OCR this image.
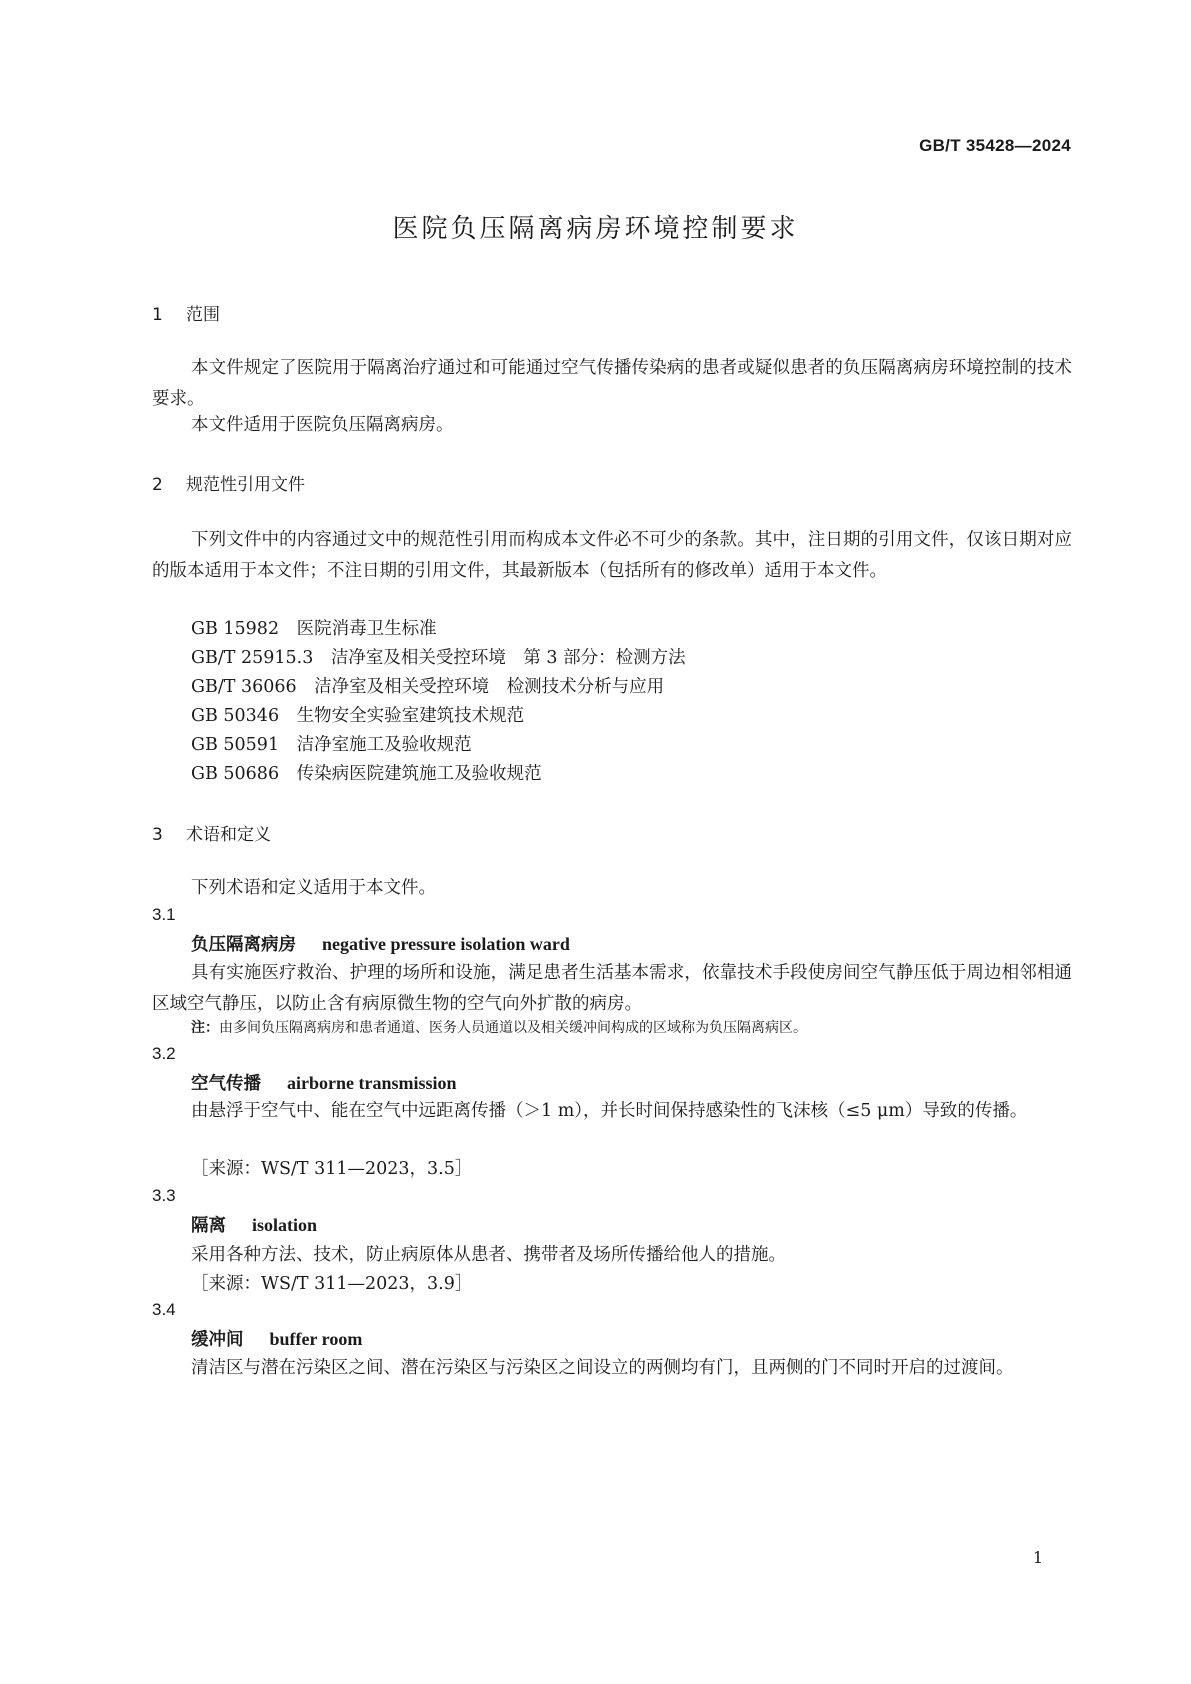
GB/T 35428—2024
医院负压隔离病房环境控制要求
1 范围
本文件规定了医院用于隔离治疗通过和可能通过空气传播传染病的患者或疑似患者的负压隔离病房环境控制的技术要求。
本文件适用于医院负压隔离病房。
2 规范性引用文件
下列文件中的内容通过文中的规范性引用而构成本文件必不可少的条款。其中，注日期的引用文件，仅该日期对应的版本适用于本文件；不注日期的引用文件，其最新版本（包括所有的修改单）适用于本文件。
GB 15982　医院消毒卫生标准
GB/T 25915.3　洁净室及相关受控环境　第 3 部分：检测方法
GB/T 36066　洁净室及相关受控环境　检测技术分析与应用
GB 50346　生物安全实验室建筑技术规范
GB 50591　洁净室施工及验收规范
GB 50686　传染病医院建筑施工及验收规范
3 术语和定义
下列术语和定义适用于本文件。
3.1
负压隔离病房 negative pressure isolation ward
具有实施医疗救治、护理的场所和设施，满足患者生活基本需求，依靠技术手段使房间空气静压低于周边相邻相通区域空气静压，以防止含有病原微生物的空气向外扩散的病房。
注：由多间负压隔离病房和患者通道、医务人员通道以及相关缓冲间构成的区域称为负压隔离病区。
3.2
空气传播 airborne transmission
由悬浮于空气中、能在空气中远距离传播（＞1 m），并长时间保持感染性的飞沫核（≤5 μm）导致的传播。
［来源：WS/T 311—2023，3.5］
3.3
隔离 isolation
采用各种方法、技术，防止病原体从患者、携带者及场所传播给他人的措施。
［来源：WS/T 311—2023，3.9］
3.4
缓冲间 buffer room
清洁区与潜在污染区之间、潜在污染区与污染区之间设立的两侧均有门，且两侧的门不同时开启的过渡间。
1
